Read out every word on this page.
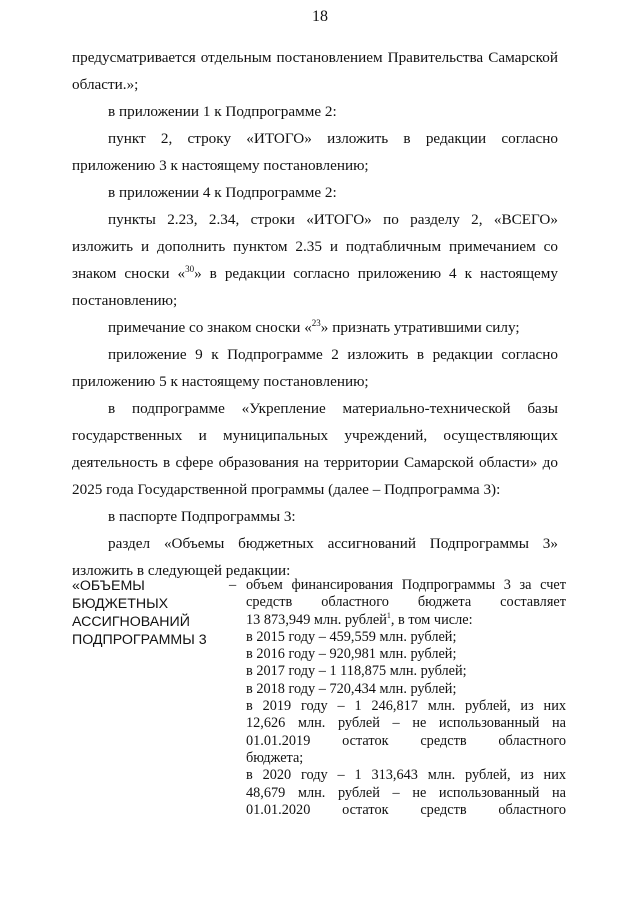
18
предусматривается отдельным постановлением Правительства Самарской области.»;
в приложении 1 к Подпрограмме 2:
пункт 2, строку «ИТОГО» изложить в редакции согласно приложению 3 к настоящему постановлению;
в приложении 4 к Подпрограмме 2:
пункты 2.23, 2.34, строки «ИТОГО» по разделу 2, «ВСЕГО» изложить и дополнить пунктом 2.35 и подтабличным примечанием со знаком сноски «$^{30}$» в редакции согласно приложению 4 к настоящему постановлению;
примечание со знаком сноски «$^{23}$» признать утратившими силу;
приложение 9 к Подпрограмме 2 изложить в редакции согласно приложению 5 к настоящему постановлению;
в подпрограмме «Укрепление материально-технической базы государственных и муниципальных учреждений, осуществляющих деятельность в сфере образования на территории Самарской области» до 2025 года Государственной программы (далее – Подпрограмма 3):
в паспорте Подпрограммы 3:
раздел «Объемы бюджетных ассигнований Подпрограммы 3» изложить в следующей редакции:
«ОБЪЕМЫ
БЮДЖЕТНЫХ
АССИГНОВАНИЙ
ПОДПРОГРАММЫ 3
– объем финансирования Подпрограммы 3 за счет
средств областного бюджета составляет
13 873,949 млн. рублей$^1$, в том числе:
в 2015 году – 459,559 млн. рублей;
в 2016 году – 920,981 млн. рублей;
в 2017 году – 1 118,875 млн. рублей;
в 2018 году – 720,434 млн. рублей;
в 2019 году – 1 246,817 млн. рублей, из них
12,626 млн. рублей – не использованный на
01.01.2019 остаток средств областного
бюджета;
в 2020 году – 1 313,643 млн. рублей, из них
48,679 млн. рублей – не использованный на
01.01.2020 остаток средств областного
